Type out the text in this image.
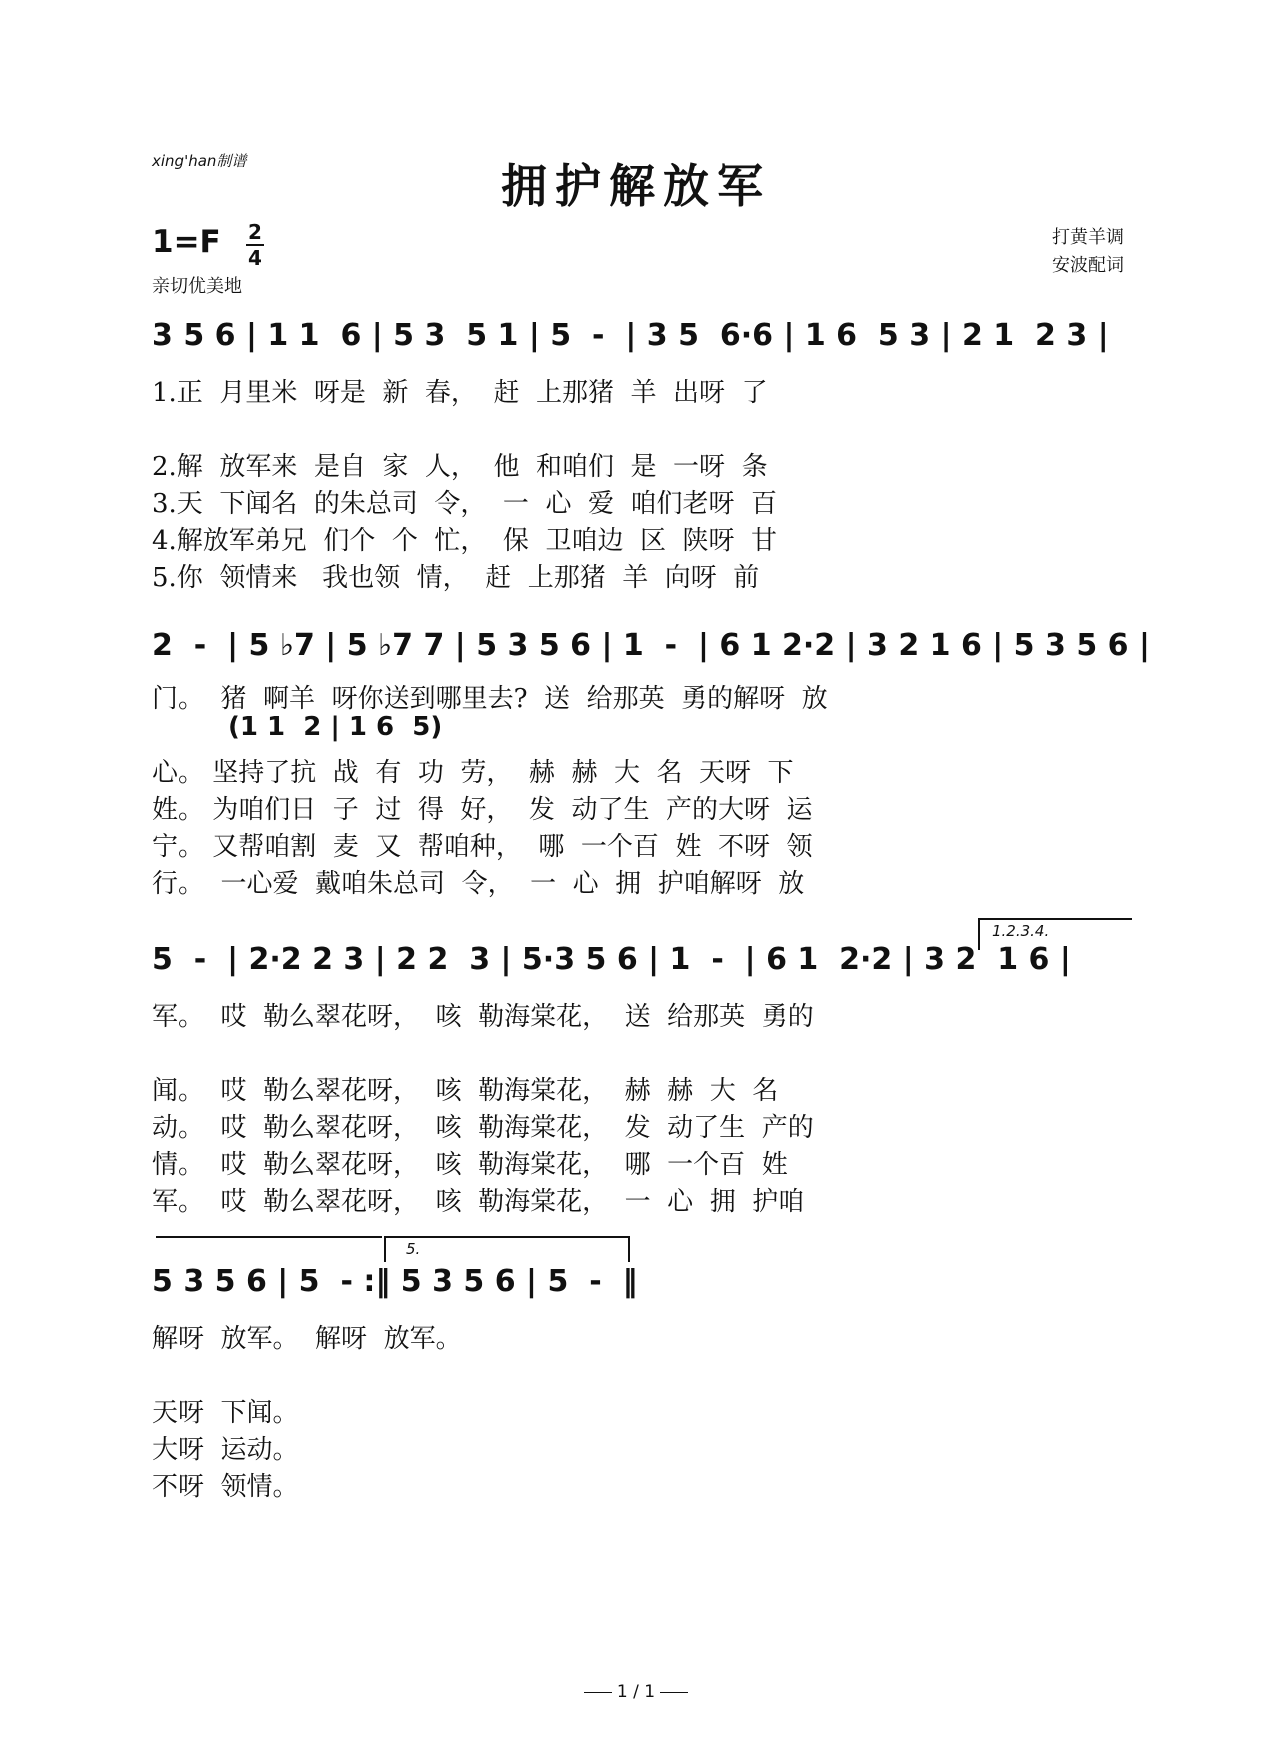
xing'han制谱	拥护解放军
1=F 2
4
亲切优美地
打黄羊调
安波配词
3 5 6 | 1 1  6 | 5 3  5 1 | 5  -  | 3 5  6·6 | 1 6  5 3 | 2 1  2 3 |
1.正  月里米  呀是  新  春，  赶  上那猪  羊  出呀  了
2.解  放军来  是自  家  人，  他  和咱们  是  一呀  条
3.天  下闻名  的朱总司  令，  一  心  爱  咱们老呀  百
4.解放军弟兄  们个  个  忙，  保  卫咱边  区  陕呀  甘
5.你  领情来   我也领  情，  赶  上那猪  羊  向呀  前
2  -  | 5 ♭7 | 5 ♭7 7 | 5 3 5 6 | 1  -  | 6 1 2·2 | 3 2 1 6 | 5 3 5 6 |
门。  猪  啊羊  呀你送到哪里去?  送  给那英  勇的解呀  放
(1 1  2 | 1 6  5)
心。 坚持了抗  战  有  功  劳，  赫  赫  大  名  天呀  下
姓。 为咱们日  子  过  得  好，  发  动了生  产的大呀  运
宁。 又帮咱割  麦  又  帮咱种，  哪  一个百  姓  不呀  领
行。  一心爱  戴咱朱总司  令，  一  心  拥  护咱解呀  放
1.2.3.4.
5  -  | 2·2 2 3 | 2 2  3 | 5·3 5 6 | 1  -  | 6 1  2·2 | 3 2  1 6 |
军。  哎  勒么翠花呀，  咳  勒海棠花，  送  给那英  勇的
闻。  哎  勒么翠花呀，  咳  勒海棠花，  赫  赫  大  名
动。  哎  勒么翠花呀，  咳  勒海棠花，  发  动了生  产的
情。  哎  勒么翠花呀，  咳  勒海棠花，  哪  一个百  姓
军。  哎  勒么翠花呀，  咳  勒海棠花，  一  心  拥  护咱
5.
5 3 5 6 | 5  - :‖ 5 3 5 6 | 5  -  ‖
解呀  放军。  解呀  放军。
天呀  下闻。
大呀  运动。
不呀  领情。
1 / 1
